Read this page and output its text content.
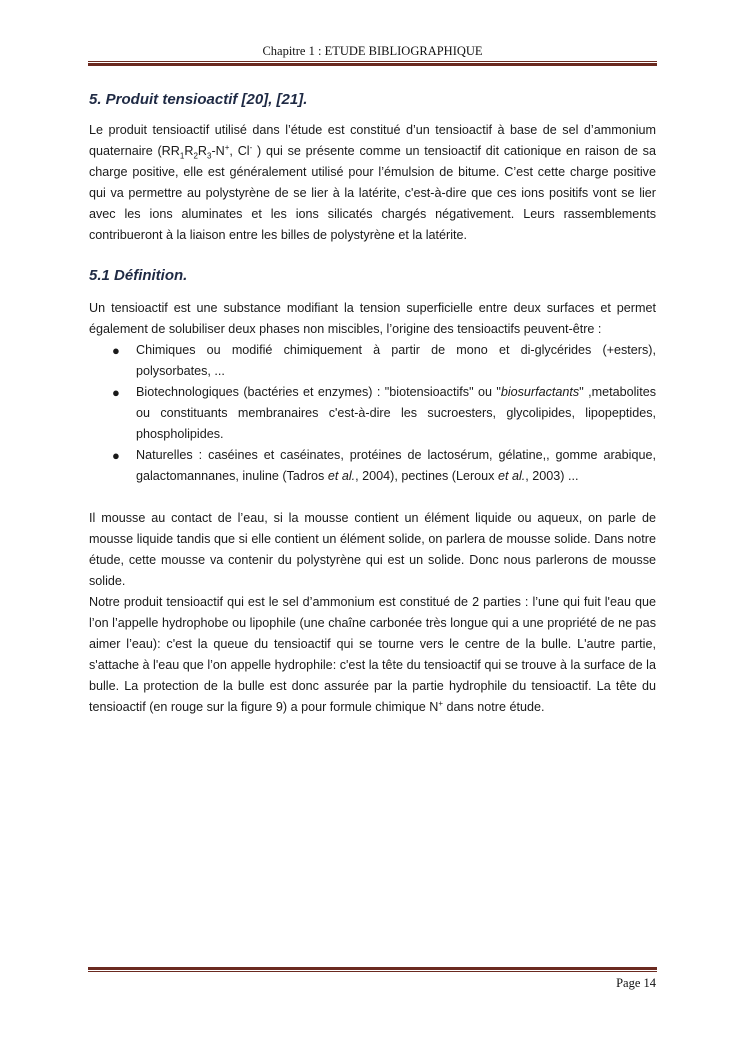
Chapitre 1 : ETUDE BIBLIOGRAPHIQUE
5. Produit tensioactif [20], [21].

Le produit tensioactif utilisé dans l’étude est constitué d’un tensioactif à base de sel d’ammonium quaternaire ($RR_1R_2R_3-N^+$, Cl- ) qui se présente comme un tensioactif dit cationique en raison de sa charge positive, elle est généralement utilisé pour l’émulsion de bitume. C’est cette charge positive qui va permettre au polystyrène de se lier à la latérite, c'est-à-dire que ces ions positifs vont se lier avec les ions aluminates et les ions silicatés chargés négativement. Leurs rassemblements contribueront à la liaison entre les billes de polystyrène et la latérite.

5.1 Définition.

Un tensioactif est une substance modifiant la tension superficielle entre deux surfaces et permet également de solubiliser deux phases non miscibles, l’origine des tensioactifs peuvent-être :

● Chimiques ou modifié chimiquement à partir de mono et di-glycérides (+esters), polysorbates, ...
● Biotechnologiques (bactéries et enzymes) : "biotensioactifs" ou "biosurfactants" ,metabolites ou constituants membranaires c'est-à-dire les sucroesters, glycolipides, lipopeptides, phospholipides.
● Naturelles : caséines et caséinates, protéines de lactosérum, gélatine,, gomme arabique, galactomannanes, inuline (Tadros et al., 2004), pectines (Leroux et al., 2003) ...

Il mousse au contact de l’eau, si la mousse contient un élément liquide ou aqueux, on parle de mousse liquide tandis que si elle contient un élément solide, on parlera de mousse solide. Dans notre étude, cette mousse va contenir du polystyrène qui est un solide. Donc nous parlerons de mousse solide.

Notre produit tensioactif qui est le sel d’ammonium est constitué de 2 parties : l’une qui fuit l'eau que l’on l’appelle hydrophobe ou lipophile (une chaîne carbonée très longue qui a une propriété de ne pas aimer l’eau): c'est la queue du tensioactif qui se tourne vers le centre de la bulle. L'autre partie, s'attache à l'eau que l’on appelle hydrophile: c'est la tête du tensioactif qui se trouve à la surface de la bulle. La protection de la bulle est donc assurée par la partie hydrophile du tensioactif. La tête du tensioactif (en rouge sur la figure 9) a pour formule chimique N+ dans notre étude.

Page 14
